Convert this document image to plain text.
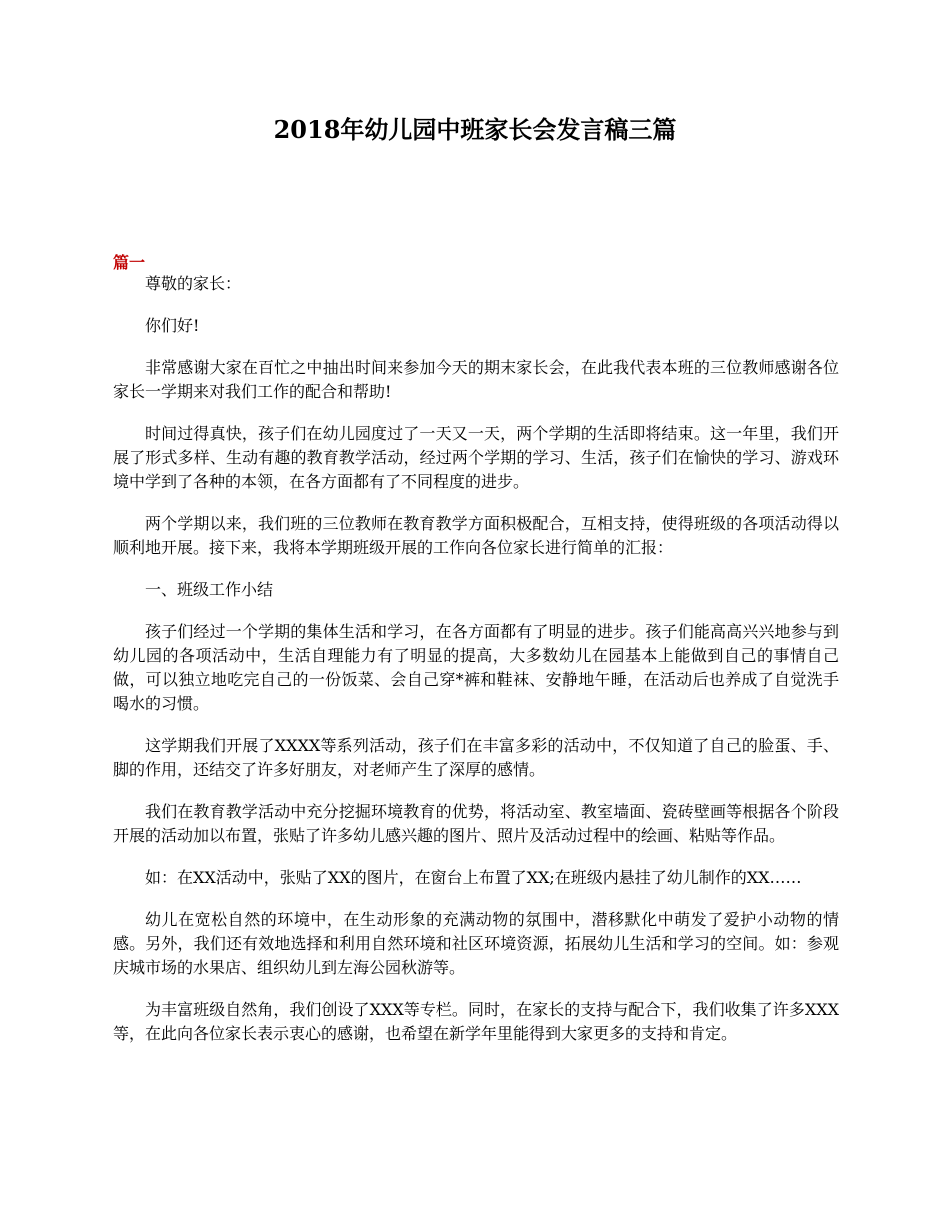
2018年幼儿园中班家长会发言稿三篇
篇一

尊敬的家长：

你们好!

非常感谢大家在百忙之中抽出时间来参加今天的期末家长会，在此我代表本班的三位教师感谢各位家长一学期来对我们工作的配合和帮助!

时间过得真快，孩子们在幼儿园度过了一天又一天，两个学期的生活即将结束。这一年里，我们开展了形式多样、生动有趣的教育教学活动，经过两个学期的学习、生活，孩子们在愉快的学习、游戏环境中学到了各种的本领，在各方面都有了不同程度的进步。

两个学期以来，我们班的三位教师在教育教学方面积极配合，互相支持，使得班级的各项活动得以顺利地开展。接下来，我将本学期班级开展的工作向各位家长进行简单的汇报：

一、班级工作小结

孩子们经过一个学期的集体生活和学习，在各方面都有了明显的进步。孩子们能高高兴兴地参与到幼儿园的各项活动中，生活自理能力有了明显的提高，大多数幼儿在园基本上能做到自己的事情自己做，可以独立地吃完自己的一份饭菜、会自己穿*裤和鞋袜、安静地午睡，在活动后也养成了自觉洗手喝水的习惯。

这学期我们开展了XXXX等系列活动，孩子们在丰富多彩的活动中，不仅知道了自己的脸蛋、手、脚的作用，还结交了许多好朋友，对老师产生了深厚的感情。

我们在教育教学活动中充分挖掘环境教育的优势，将活动室、教室墙面、瓷砖壁画等根据各个阶段开展的活动加以布置，张贴了许多幼儿感兴趣的图片、照片及活动过程中的绘画、粘贴等作品。

如：在XX活动中，张贴了XX的图片，在窗台上布置了XX;在班级内悬挂了幼儿制作的XX……

幼儿在宽松自然的环境中，在生动形象的充满动物的氛围中，潜移默化中萌发了爱护小动物的情感。另外，我们还有效地选择和利用自然环境和社区环境资源，拓展幼儿生活和学习的空间。如：参观庆城市场的水果店、组织幼儿到左海公园秋游等。

为丰富班级自然角，我们创设了XXX等专栏。同时，在家长的支持与配合下，我们收集了许多XXX等，在此向各位家长表示衷心的感谢，也希望在新学年里能得到大家更多的支持和肯定。
